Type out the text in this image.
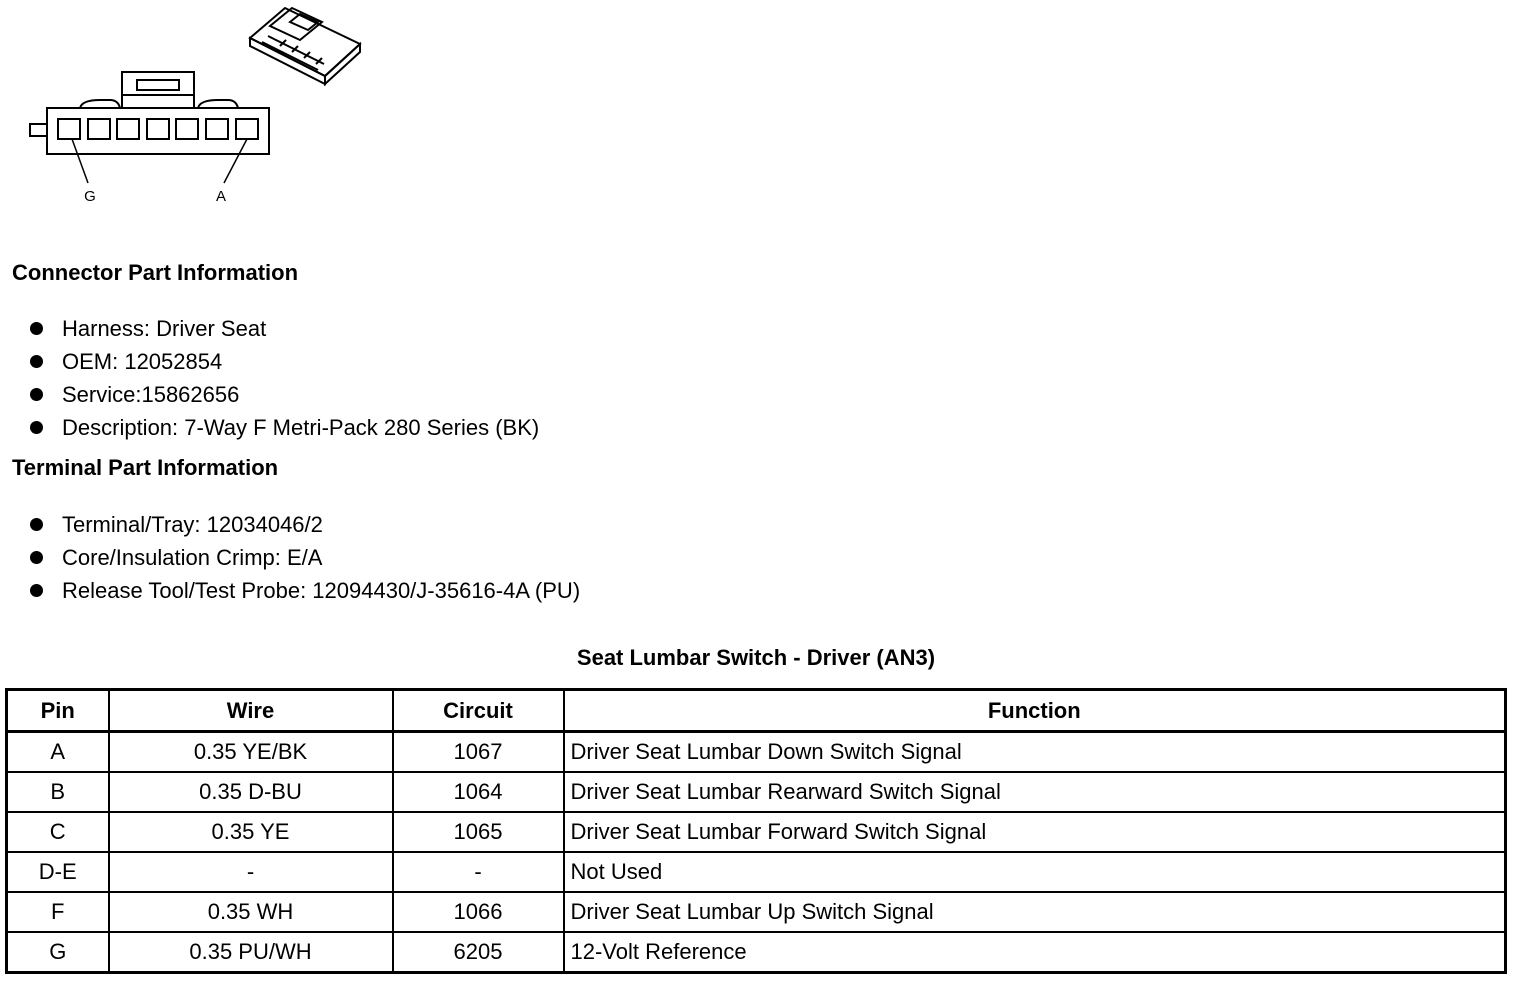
G	A
Connector Part Information
Harness: Driver Seat
OEM: 12052854
Service:15862656
Description: 7-Way F Metri-Pack 280 Series (BK)
Terminal Part Information
Terminal/Tray: 12034046/2
Core/Insulation Crimp: E/A
Release Tool/Test Probe: 12094430/J-35616-4A (PU)
Seat Lumbar Switch - Driver (AN3)
Pin	Wire	Circuit	Function
A	0.35 YE/BK	1067	Driver Seat Lumbar Down Switch Signal
B	0.35 D-BU	1064	Driver Seat Lumbar Rearward Switch Signal
C	0.35 YE	1065	Driver Seat Lumbar Forward Switch Signal
D-E	-	-	Not Used
F	0.35 WH	1066	Driver Seat Lumbar Up Switch Signal
G	0.35 PU/WH	6205	12-Volt Reference
